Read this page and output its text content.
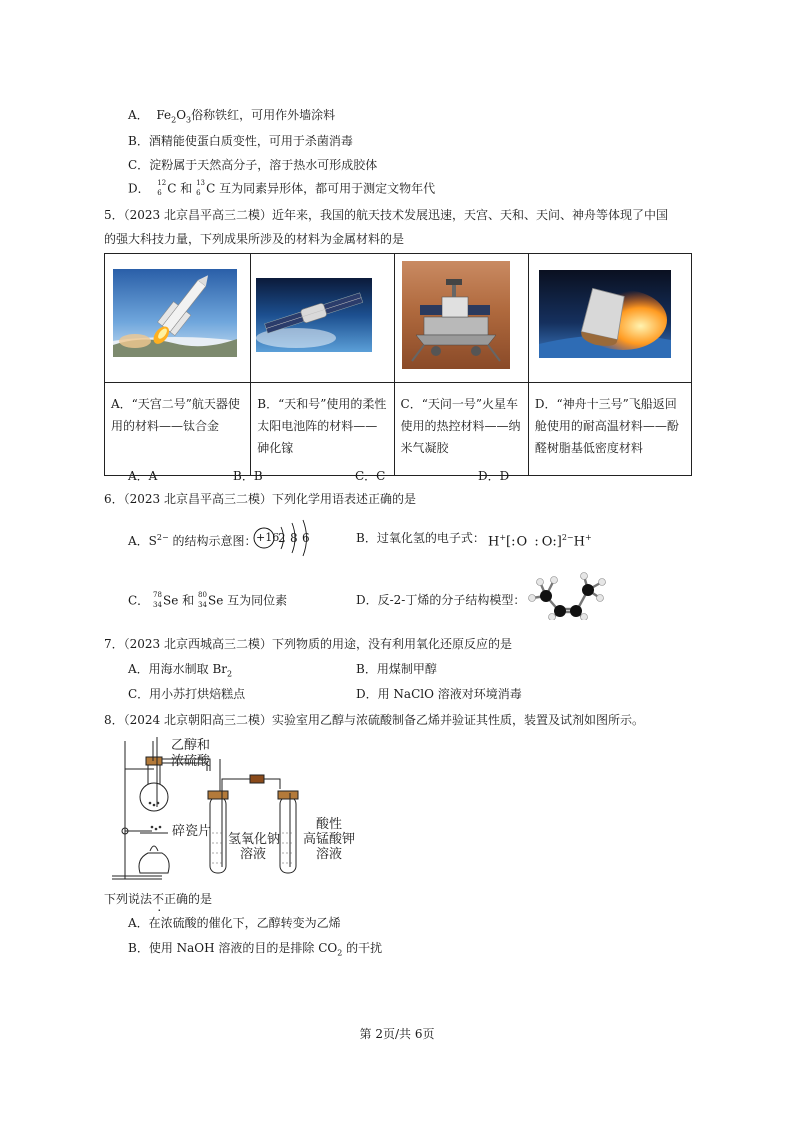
A． $Fe_2O_3$俗称铁红，可用作外墙涂料
B．酒精能使蛋白质变性，可用于杀菌消毒
C．淀粉属于天然高分子，溶于热水可形成胶体
D． 12
6 C 和 13
6 C 互为同素异形体，都可用于测定文物年代
5．（2023 北京昌平高三二模）近年来，我国的航天技术发展迅速，天宫、天和、天问、神舟等体现了中国
的强大科技力量，下列成果所涉及的材料为金属材料的是

A．“天宫二号”航天器使用的材料——钛合金	B．“天和号”使用的柔性太阳电池阵的材料——砷化镓	C．“天问一号”火星车使用的热控材料——纳米气凝胶	D．“神舟十三号”飞船返回舱使用的耐高温材料——酚醛树脂基低密度材料
A．A	B．B	C．C	D．D
6．（2023 北京昌平高三二模）下列化学用语表述正确的是
A．$S^{2-}$ 的结构示意图： +16
2 8 6	B．过氧化氢的电子式： H+[:O :O:]$^{2-}$H+
C． 78
34 Se 和 80
34 Se 互为同位素	D．反-2-丁烯的分子结构模型：
7．（2023 北京西城高三二模）下列物质的用途，没有利用氧化还原反应的是
A．用海水制取 $Br_2$	B．用煤制甲醇
C．用小苏打烘焙糕点	D．用 NaClO 溶液对环境消毒
8．（2024 北京朝阳高三二模）实验室用乙醇与浓硫酸制备乙烯并验证其性质，装置及试剂如图所示。
乙醇和
浓硫酸
碎瓷片
氢氧化钠
溶液
酸性
高锰酸钾
溶液
下列说法不正确的是
A．在浓硫酸的催化下，乙醇转变为乙烯
B．使用 NaOH 溶液的目的是排除 $CO_2$ 的干扰
第 2页/共 6页
